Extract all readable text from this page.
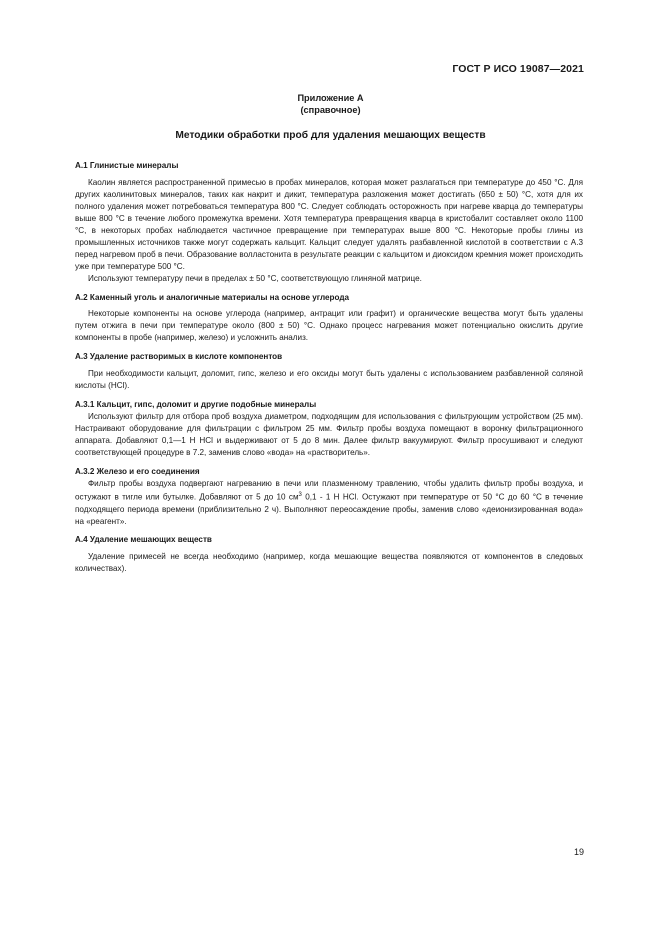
ГОСТ Р ИСО 19087—2021
Приложение А
(справочное)
Методики обработки проб для удаления мешающих веществ

А.1 Глинистые минералы

Каолин является распространенной примесью в пробах минералов, которая может разлагаться при температуре до 450 °С. Для других каолинитовых минералов, таких как накрит и дикит, температура разложения может достигать (650 ± 50) °С, хотя для их полного удаления может потребоваться температура 800 °С. Следует соблюдать осторожность при нагреве кварца до температуры выше 800 °С в течение любого промежутка времени. Хотя температура превращения кварца в кристобалит составляет около 1100 °С, в некоторых пробах наблюдается частичное превращение при температурах выше 800 °С. Некоторые пробы глины из промышленных источников также могут содержать кальцит. Кальцит следует удалять разбавленной кислотой в соответствии с А.3 перед нагревом проб в печи. Образование волластонита в результате реакции с кальцитом и диоксидом кремния может происходить уже при температуре 500 °С.

Используют температуру печи в пределах ± 50 °С, соответствующую глиняной матрице.

А.2 Каменный уголь и аналогичные материалы на основе углерода

Некоторые компоненты на основе углерода (например, антрацит или графит) и органические вещества могут быть удалены путем отжига в печи при температуре около (800 ± 50) °С. Однако процесс нагревания может потенциально окислить другие компоненты в пробе (например, железо) и усложнить анализ.

А.3 Удаление растворимых в кислоте компонентов

При необходимости кальцит, доломит, гипс, железо и его оксиды могут быть удалены с использованием разбавленной соляной кислоты (HCl).

А.3.1 Кальцит, гипс, доломит и другие подобные минералы

Используют фильтр для отбора проб воздуха диаметром, подходящим для использования с фильтрующим устройством (25 мм). Настраивают оборудование для фильтрации с фильтром 25 мм. Фильтр пробы воздуха помещают в воронку фильтрационного аппарата. Добавляют 0,1—1 Н HCl и выдерживают от 5 до 8 мин. Далее фильтр вакуумируют. Фильтр просушивают и следуют соответствующей процедуре в 7.2, заменив слово «вода» на «растворитель».

А.3.2 Железо и его соединения

Фильтр пробы воздуха подвергают нагреванию в печи или плазменному травлению, чтобы удалить фильтр пробы воздуха, и остужают в тигле или бутылке. Добавляют от 5 до 10 $см^3$ 0,1 - 1 Н HCl. Остужают при температуре от 50 °С до 60 °С в течение подходящего периода времени (приблизительно 2 ч). Выполняют переосаждение пробы, заменив слово «деионизированная вода» на «реагент».

А.4 Удаление мешающих веществ

Удаление примесей не всегда необходимо (например, когда мешающие вещества появляются от компонентов в следовых количествах).

19
